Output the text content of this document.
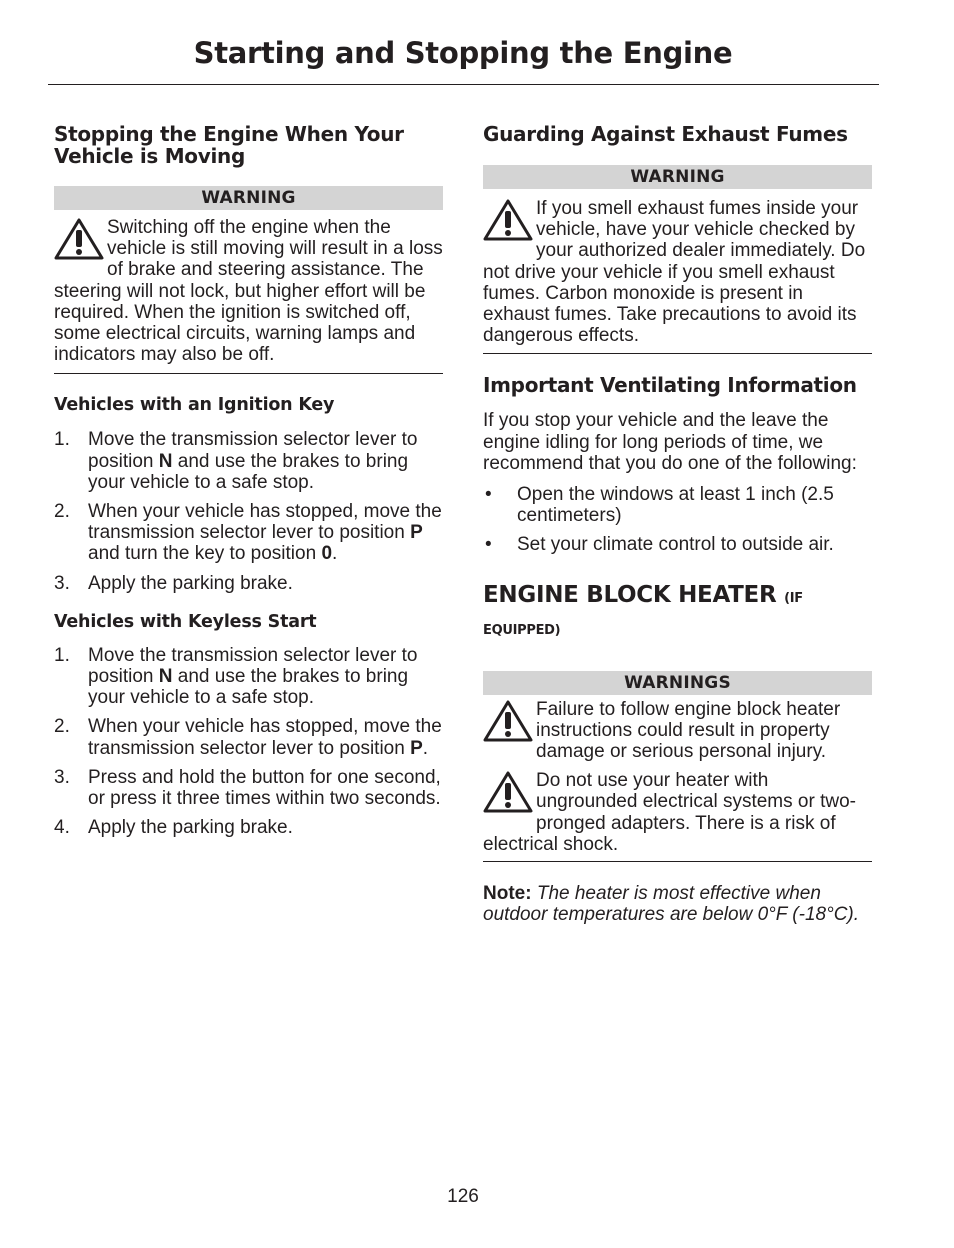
Starting and Stopping the Engine
Stopping the Engine When Your Vehicle is Moving
WARNING
Switching off the engine when the vehicle is still moving will result in a loss of brake and steering assistance. The steering will not lock, but higher effort will be required. When the ignition is switched off, some electrical circuits, warning lamps and indicators may also be off.
Vehicles with an Ignition Key
1. Move the transmission selector lever to position N and use the brakes to bring your vehicle to a safe stop.
2. When your vehicle has stopped, move the transmission selector lever to position P and turn the key to position 0.
3. Apply the parking brake.
Vehicles with Keyless Start
1. Move the transmission selector lever to position N and use the brakes to bring your vehicle to a safe stop.
2. When your vehicle has stopped, move the transmission selector lever to position P.
3. Press and hold the button for one second, or press it three times within two seconds.
4. Apply the parking brake.
Guarding Against Exhaust Fumes
WARNING
If you smell exhaust fumes inside your vehicle, have your vehicle checked by your authorized dealer immediately. Do not drive your vehicle if you smell exhaust fumes. Carbon monoxide is present in exhaust fumes. Take precautions to avoid its dangerous effects.
Important Ventilating Information
If you stop your vehicle and the leave the engine idling for long periods of time, we recommend that you do one of the following:
• Open the windows at least 1 inch (2.5 centimeters)
• Set your climate control to outside air.
ENGINE BLOCK HEATER (IF EQUIPPED)
WARNINGS
Failure to follow engine block heater instructions could result in property damage or serious personal injury.
Do not use your heater with ungrounded electrical systems or two-pronged adapters. There is a risk of electrical shock.
Note: The heater is most effective when outdoor temperatures are below 0°F (-18°C).
126
